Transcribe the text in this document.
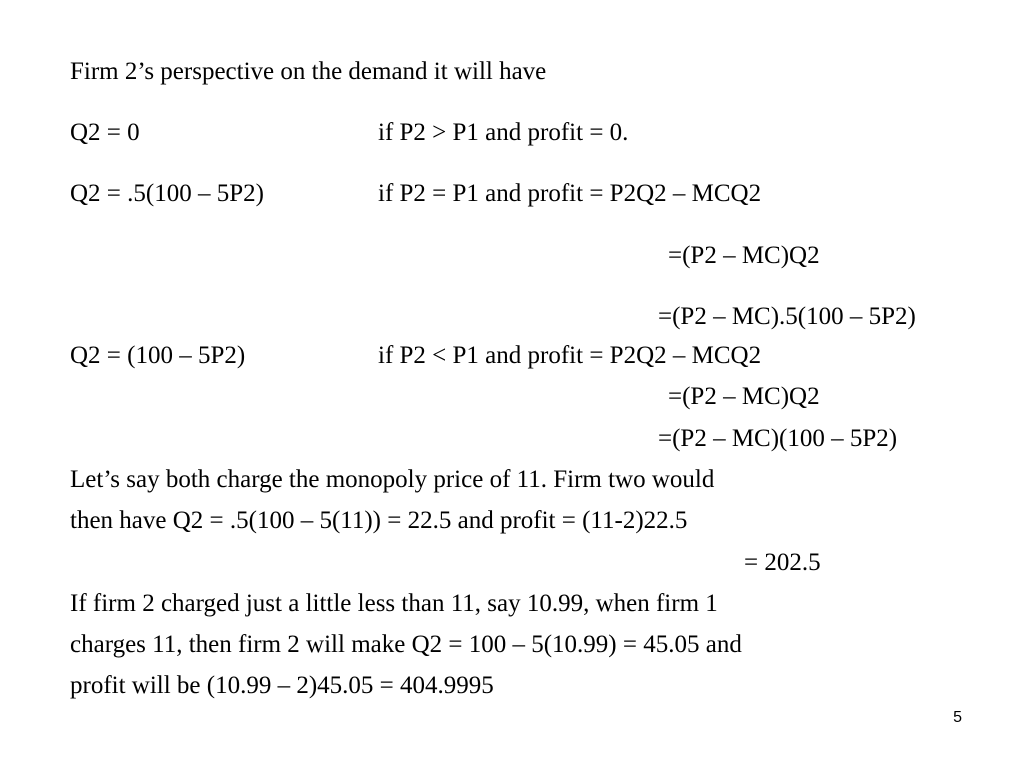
Firm 2’s perspective on the demand it will have
Q2 = 0	if P2 > P1 and profit = 0.
Q2 = .5(100 – 5P2)	if P2 = P1 and profit = P2Q2 – MCQ2
=(P2 – MC)Q2
=(P2 – MC).5(100 – 5P2)
Q2 = (100 – 5P2)	if P2 < P1 and profit = P2Q2 – MCQ2
=(P2 – MC)Q2
=(P2 – MC)(100 – 5P2)
Let’s say both charge the monopoly price of 11. Firm two would
then have Q2 = .5(100 – 5(11)) = 22.5 and profit = (11-2)22.5
= 202.5
If firm 2 charged just a little less than 11, say 10.99, when firm 1
charges 11, then firm 2 will make Q2 = 100 – 5(10.99) = 45.05 and
profit will be (10.99 – 2)45.05 = 404.9995
5
